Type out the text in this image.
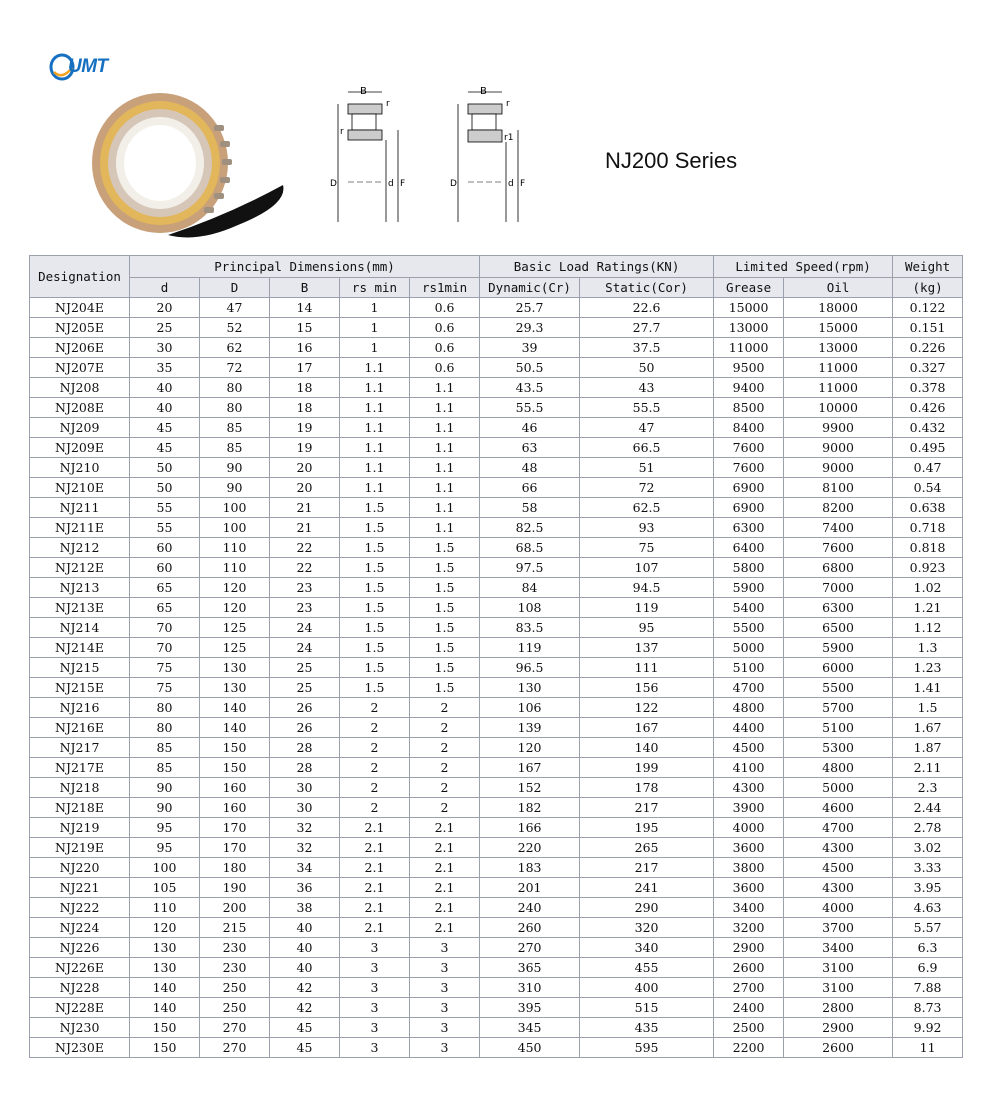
UMT
B
r
r
D	d F
B
r
r1
D	d F
NJ200 Series
Designation	Principal Dimensions(mm)					Basic Load Ratings(KN)		Limited Speed(rpm)		Weight
	d	D	B	rs min	rs1min	Dynamic(Cr)	Static(Cor)	Grease	Oil	(kg)
NJ204E	20	47	14	1	0.6	25.7	22.6	15000	18000	0.122
NJ205E	25	52	15	1	0.6	29.3	27.7	13000	15000	0.151
NJ206E	30	62	16	1	0.6	39	37.5	11000	13000	0.226
NJ207E	35	72	17	1.1	0.6	50.5	50	9500	11000	0.327
NJ208	40	80	18	1.1	1.1	43.5	43	9400	11000	0.378
NJ208E	40	80	18	1.1	1.1	55.5	55.5	8500	10000	0.426
NJ209	45	85	19	1.1	1.1	46	47	8400	9900	0.432
NJ209E	45	85	19	1.1	1.1	63	66.5	7600	9000	0.495
NJ210	50	90	20	1.1	1.1	48	51	7600	9000	0.47
NJ210E	50	90	20	1.1	1.1	66	72	6900	8100	0.54
NJ211	55	100	21	1.5	1.1	58	62.5	6900	8200	0.638
NJ211E	55	100	21	1.5	1.1	82.5	93	6300	7400	0.718
NJ212	60	110	22	1.5	1.5	68.5	75	6400	7600	0.818
NJ212E	60	110	22	1.5	1.5	97.5	107	5800	6800	0.923
NJ213	65	120	23	1.5	1.5	84	94.5	5900	7000	1.02
NJ213E	65	120	23	1.5	1.5	108	119	5400	6300	1.21
NJ214	70	125	24	1.5	1.5	83.5	95	5500	6500	1.12
NJ214E	70	125	24	1.5	1.5	119	137	5000	5900	1.3
NJ215	75	130	25	1.5	1.5	96.5	111	5100	6000	1.23
NJ215E	75	130	25	1.5	1.5	130	156	4700	5500	1.41
NJ216	80	140	26	2	2	106	122	4800	5700	1.5
NJ216E	80	140	26	2	2	139	167	4400	5100	1.67
NJ217	85	150	28	2	2	120	140	4500	5300	1.87
NJ217E	85	150	28	2	2	167	199	4100	4800	2.11
NJ218	90	160	30	2	2	152	178	4300	5000	2.3
NJ218E	90	160	30	2	2	182	217	3900	4600	2.44
NJ219	95	170	32	2.1	2.1	166	195	4000	4700	2.78
NJ219E	95	170	32	2.1	2.1	220	265	3600	4300	3.02
NJ220	100	180	34	2.1	2.1	183	217	3800	4500	3.33
NJ221	105	190	36	2.1	2.1	201	241	3600	4300	3.95
NJ222	110	200	38	2.1	2.1	240	290	3400	4000	4.63
NJ224	120	215	40	2.1	2.1	260	320	3200	3700	5.57
NJ226	130	230	40	3	3	270	340	2900	3400	6.3
NJ226E	130	230	40	3	3	365	455	2600	3100	6.9
NJ228	140	250	42	3	3	310	400	2700	3100	7.88
NJ228E	140	250	42	3	3	395	515	2400	2800	8.73
NJ230	150	270	45	3	3	345	435	2500	2900	9.92
NJ230E	150	270	45	3	3	450	595	2200	2600	11
